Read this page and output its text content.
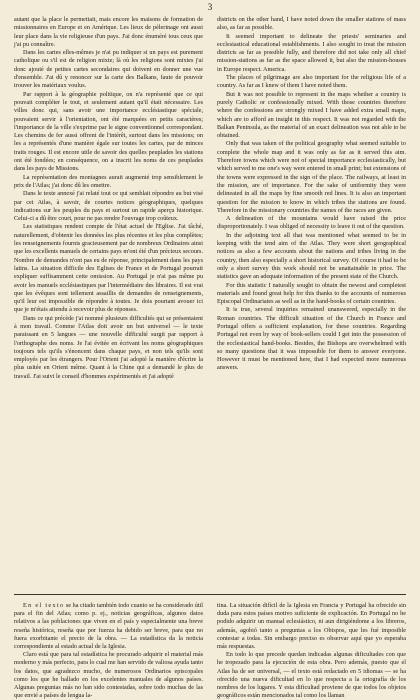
3

autant que la place le permettait, mais encore les maisons de formation de missionnaires en Europe et en Amérique. Les lieux de pèlerinage ont aussi leur place dans la vie religieuse d'un pays. J'ai donc énuméré tous ceux que j'ai pu connaître.

Dans les cartes elles-mêmes je n'ai pu indiquer si un pays est purement catholique ou s'il est de religion mixte; là où les religions sont mixtes j'ai donc ajouté de petites cartes secondaires qui doivent en donner une vue d'ensemble. J'ai dû y renoncer sur la carte des Balkans, faute de pouvoir trouver les matériaux voulus.

Par rapport à la géographie politique, on n'a représenté que ce qui pouvait compléter le tout, et seulement autant qu'il était nécessaire. Les villes donc qui, sans avoir une importance ecclésiastique spéciale, pouvaient servir à l'orientation, ont été marquées en petits caractères; l'importance de la ville s'exprime par le signe conventionnel correspondant. Les chemins de fer aussi offrent de l'intérêt, surtout dans les missions; on les a représentés d'une manière égale sur toutes les cartes, par de minces traits rouges. Il est encore utile de savoir des quelles peuplades les stations ont été fondées; en conséquence, on a inscrit les noms de ces peuplades dans les pays de Missions.

La représentation des montagnes aurait augmenté trop sensiblement le prix de l'Atlas; j'ai donc dû les omettre.

Dans le texte annexé j'ai relaté tout ce qui semblait répondre au but visé par cet Atlas, à savoir, de courtes notices géographiques, quelques indications sur les peuples du pays et surtout un rapide aperçu historique. Celui-ci a dû être court, pour ne pas rendre l'ouvrage trop coûteux.

Les statistiques rendent compte de l'état actuel de l'Eglise. J'ai tâché, naturellement, d'obtenir les données les plus récentes et les plus complètes; les renseignements fournis gracieusement par de nombreux Ordinaires ainsi que les excellents manuels de certains pays m'ont été d'un précieux secours. Nombre de demandes n'ont pas eu de réponse, principalement dans les pays latins. La situation difficile des Eglises de France et de Portugal pourrait expliquer suffisamment cette omission. Au Portugal je n'ai pas même pu avoir les manuels ecclésiastiques par l'intermédiaire des libraires. Il est vrai que les évêques sont tellement assaillis de demandes de renseignements, qu'il leur est impossible de répondre à toutes. Je dois pourtant avouer ici que je m'étais attendu à recevoir plus de réponses.

Dans ce qui précède j'ai nommé plusieurs difficultés qui se présentaient à mon travail. Comme l'Atlas doit avoir un but universel — le texte paraissant en 5 langues — une nouvelle difficulté surgit par rapport à l'orthographe des noms. Je l'ai évitée en écrivant les noms géographiques toujours tels qu'ils s'énoncent dans chaque pays, et non tels qu'ils sont employés par les étrangers. Pour l'Orient j'ai adopté la manière d'écrire la plus usitée en Orient même. Quant à la Chine qui a demandé le plus de travail. J'ai suivi le conseil d'hommes expérimentés et j'ai adopté

districts on the other hand, I have noted down the smaller stations of mass also, as far as possible.

It seemed important to delineate the priests' seminaries and ecclesiastical educational establishments. I also sought to treat the mission districts as far as possible fully, and therefore did not take only all chief mission-stations as far as the space allowed it, but also the mission-houses in Europe respect. America.

The places of pilgrimage are also important for the religious life of a country. As far as I knew of them I have noted them.

But it was not possible to represent in the maps whether a country is purely Catholic or confessionally mixed. With those countries therefore where the confessions are strongly mixed I have added extra small maps, which are to afford an insight in this respect. It was not regarded with the Balkan Peninsula, as the material of an exact delineation was not able to be obtained.

Only that was taken of the political geography what seemed suitable to complete the whole map and it was only as far as it served this aim. Therefore towns which were not of special importance ecclesiastically, but which served to me one's way were entered in small print; but extensions of the towns were expressed in the sign of the place. The railways, at least in the mission, are of importance. For the sake of uniformity they were delineated in all the maps by fine smooth red lines. It is also an important question for the mission to know in which tribes the stations are found. Therefore in the missionary countries the names of the races are given.

A delineation of the mountains would have raised the price disproportionately. I was obliged of necessity to leave it out of the question.

In the adjoining text all that was mentioned what seemed to be in keeping with the tend aim of the Atlas. They were short geographical notices as also a few accounts about the nations and tribes living in the country, then also especially a short historical survey. Of course it had to be only a short survey this work should not be unattainable in price. The statistics gave an adequate information of the present state of the Church.

For this statistic I naturally sought to obtain the newest and completest materials and found great help for this thanks to the accounts of numerous Episcopal Ordinariates as well as in the hand-books of certain countries.

It is true, several inquiries remained unanswered, especially in the Roman countries. The difficult situation of the Church in France and Portugal offers a sufficient explanation, for these countries. Regarding Portugal not even by way of book-sellers could I get into the possession of the ecclesiastical hand-books. Besides, the Bishops are overwhelmed with so many questions that it was impossible for them to answer everyone. However it must be mentioned here, that I had expected more numerous answers.

En el texto se ha citado también todo cuanto se ha considerado útil para el fin del Atlas; como p. ej., noticias geográficas, algunos datos relativos a las poblaciones que viven en el país y especialmente una breve reseña histórica, reseña que por fuerza ha debido ser breve, para que no fuera exorbitante el precio de la obra. — La estadística da la noticia correspondiente al estado actual de la Iglesia.

Claro está que para tal estadística he procurado adquirir el material más moderno y más perfecto, para lo cual me han servido de valiosa ayuda tanto los datos, que agradezco mucho, de numerosos Ordinarios episcopales como los que he hallado en los excelentes manuales de algunos países. Algunas preguntas más no han sido contestadas, sobre todo muchas de las que envié a países de lengua la-

tina. La situación difícil de la Iglesia en Francia y Portugal ha ofrecido sin duda para estos países motivo suficiente de explicación. En Portugal no he podido adquirir un manual eclesiástico, ni aun dirigiéndome a los libreros, además, agobió tanto a preguntas a los Obispos, que les fué imposible contestar a todas. Sin embargo preciso es observar aquí que yo esperaba más respuestas.

En todo lo que precede quedan indicadas algunas dificultades con que he tropezado para la ejecución de esta obra. Pero además, puesto que el Atlas ha de ser universal, — el texto está redactado en 5 idiomas — se ha ofrecido una nueva dificultad en lo que respecta a la ortografía de los nombres de los lugares. Y esta dificultad proviene de que todos los objetos geográficos están mencionados tal como los llaman
